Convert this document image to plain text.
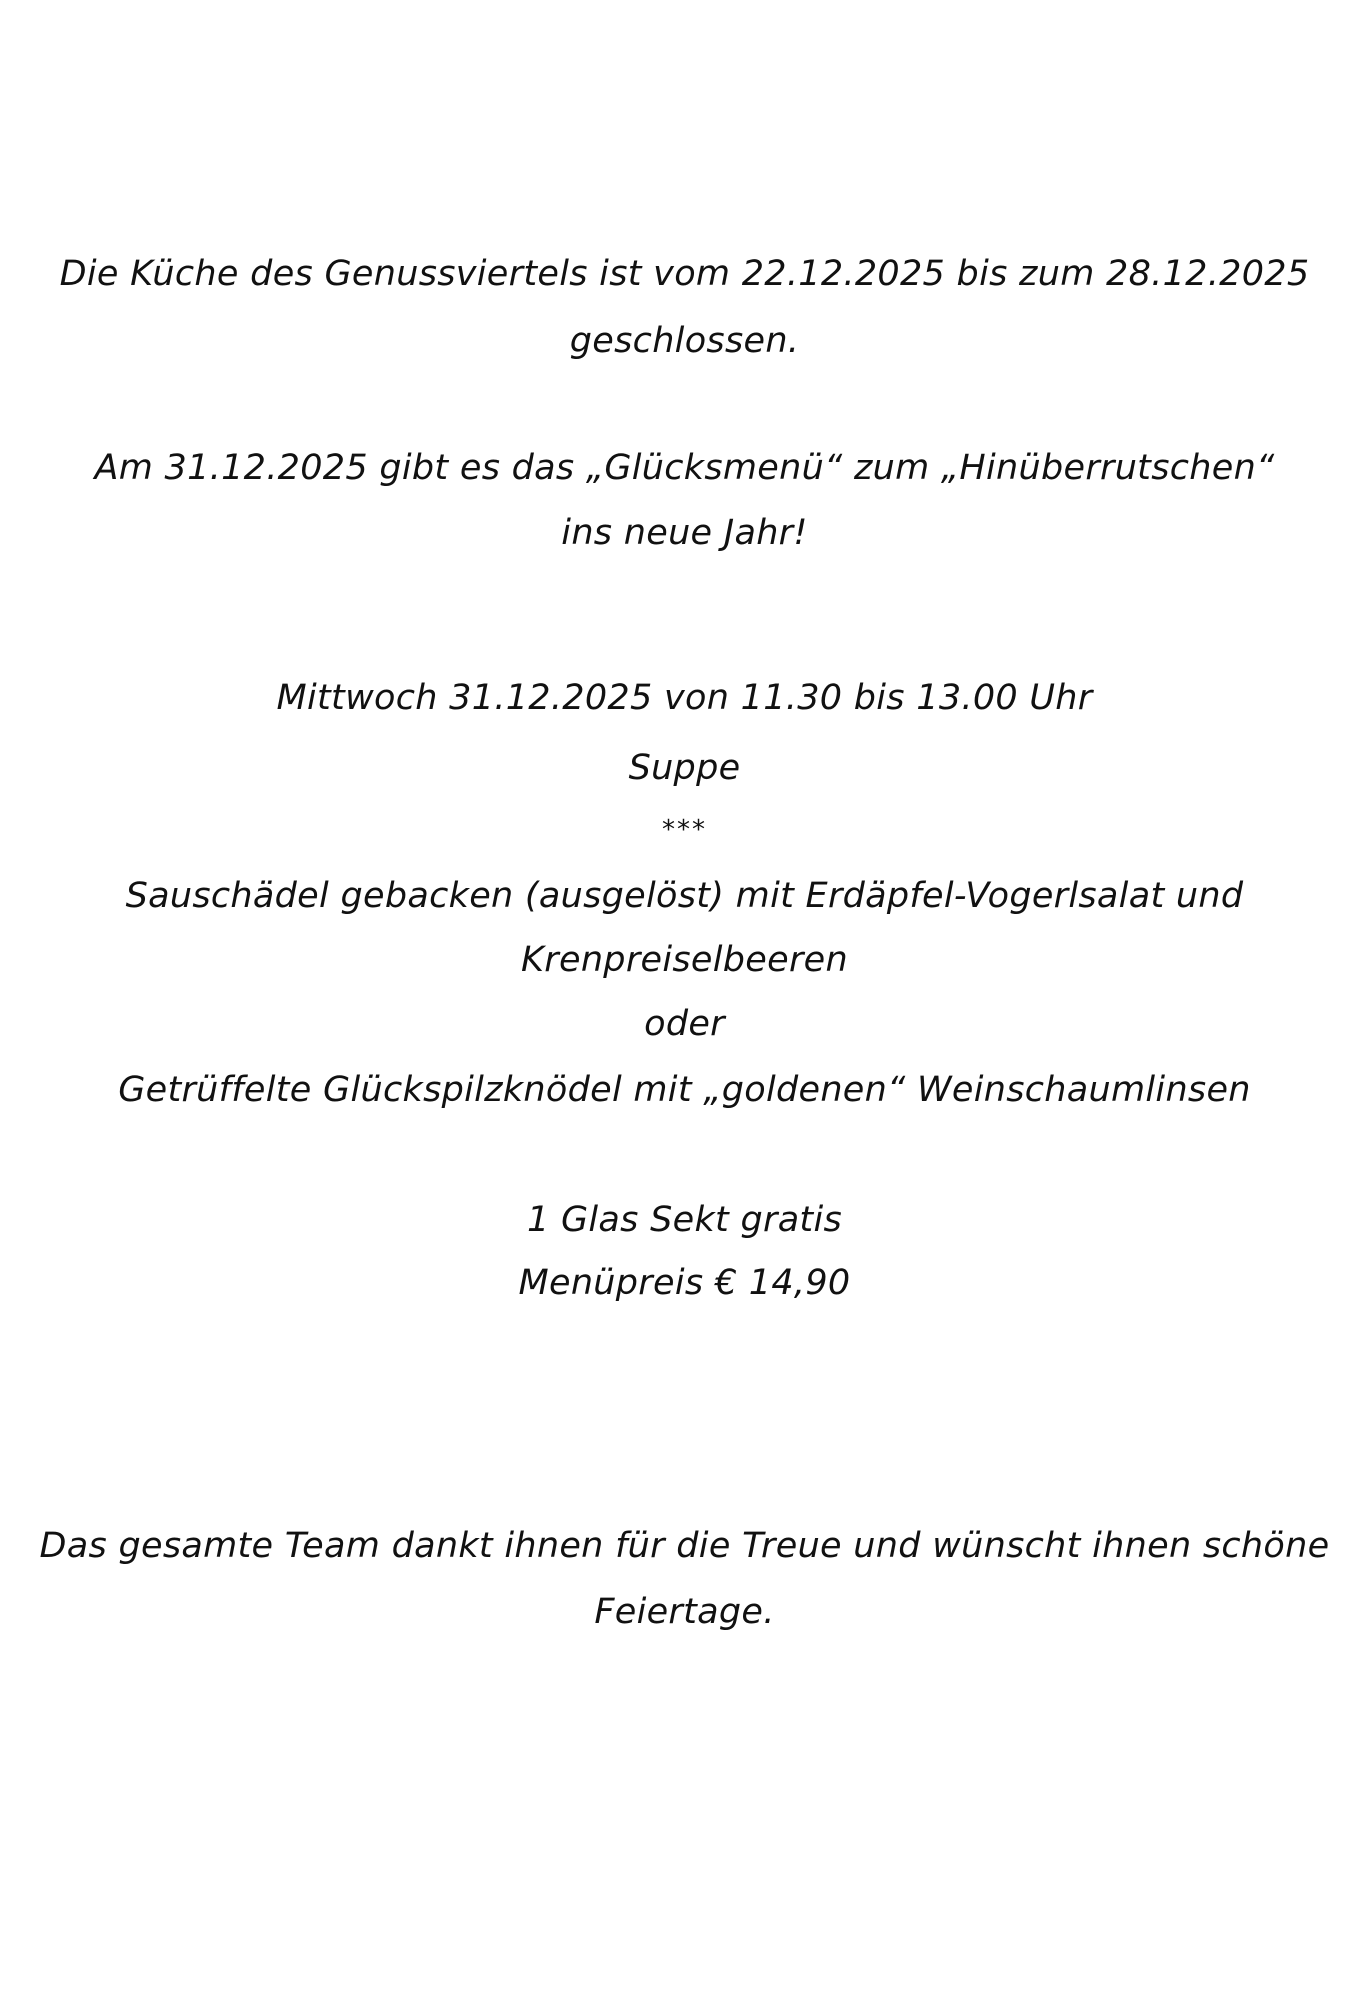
Die Küche des Genussviertels ist vom 22.12.2025 bis zum 28.12.2025
geschlossen.
Am 31.12.2025 gibt es das „Glücksmenü“ zum „Hinüberrutschen“
ins neue Jahr!
Mittwoch 31.12.2025 von 11.30 bis 13.00 Uhr
Suppe
***
Sauschädel gebacken (ausgelöst) mit Erdäpfel-Vogerlsalat und
Krenpreiselbeeren
oder
Getrüffelte Glückspilzknödel mit „goldenen“ Weinschaumlinsen
1 Glas Sekt gratis
Menüpreis € 14,90
Das gesamte Team dankt ihnen für die Treue und wünscht ihnen schöne
Feiertage.
